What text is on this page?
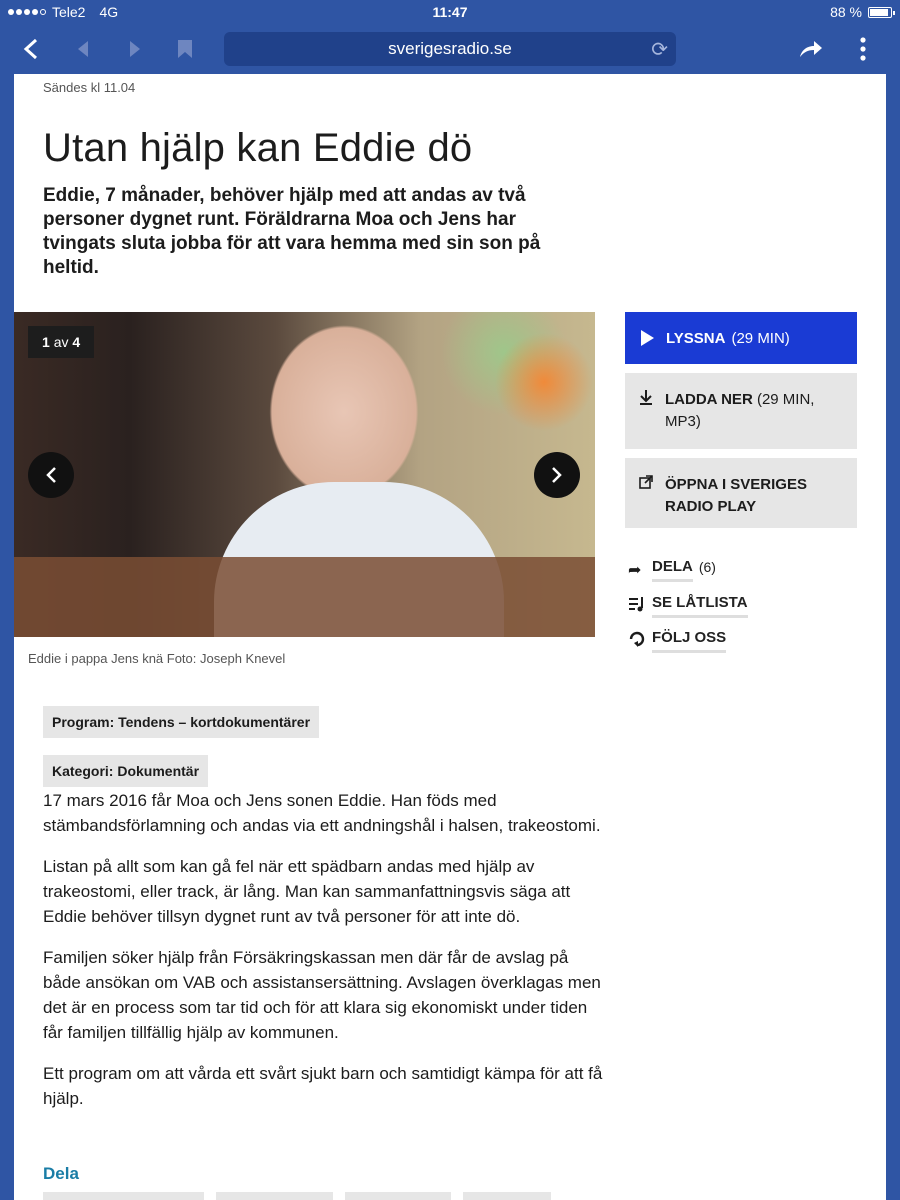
Tele2 4G	11:47	88 %
sverigesradio.se	⟳
Sändes kl 11.04
Utan hjälp kan Eddie dö
Eddie, 7 månader, behöver hjälp med att andas av två personer dygnet runt. Föräldrarna Moa och Jens har tvingats sluta jobba för att vara hemma med sin son på heltid.
1 av 4
Eddie i pappa Jens knä Foto: Joseph Knevel
Program: Tendens – kortdokumentärer
Kategori: Dokumentär

17 mars 2016 får Moa och Jens sonen Eddie. Han föds med stämbandsförlamning och andas via ett andningshål i halsen, trakeostomi.

Listan på allt som kan gå fel när ett spädbarn andas med hjälp av trakeostomi, eller track, är lång. Man kan sammanfattningsvis säga att Eddie behöver tillsyn dygnet runt av två personer för att inte dö.

Familjen söker hjälp från Försäkringskassan men där får de avslag på både ansökan om VAB och assistansersättning. Avslagen överklagas men det är en process som tar tid och för att klara sig ekonomiskt under tiden får familjen tillfällig hjälp av kommunen.

Ett program om att vårda ett svårt sjukt barn och samtidigt kämpa för att få hjälp.

Dela
LYSSNA (29 MIN)
LADDA NER (29 MIN, MP3)
ÖPPNA I SVERIGES RADIO PLAY
➦ DELA (6)
SE LÅTLISTA
FÖLJ OSS
